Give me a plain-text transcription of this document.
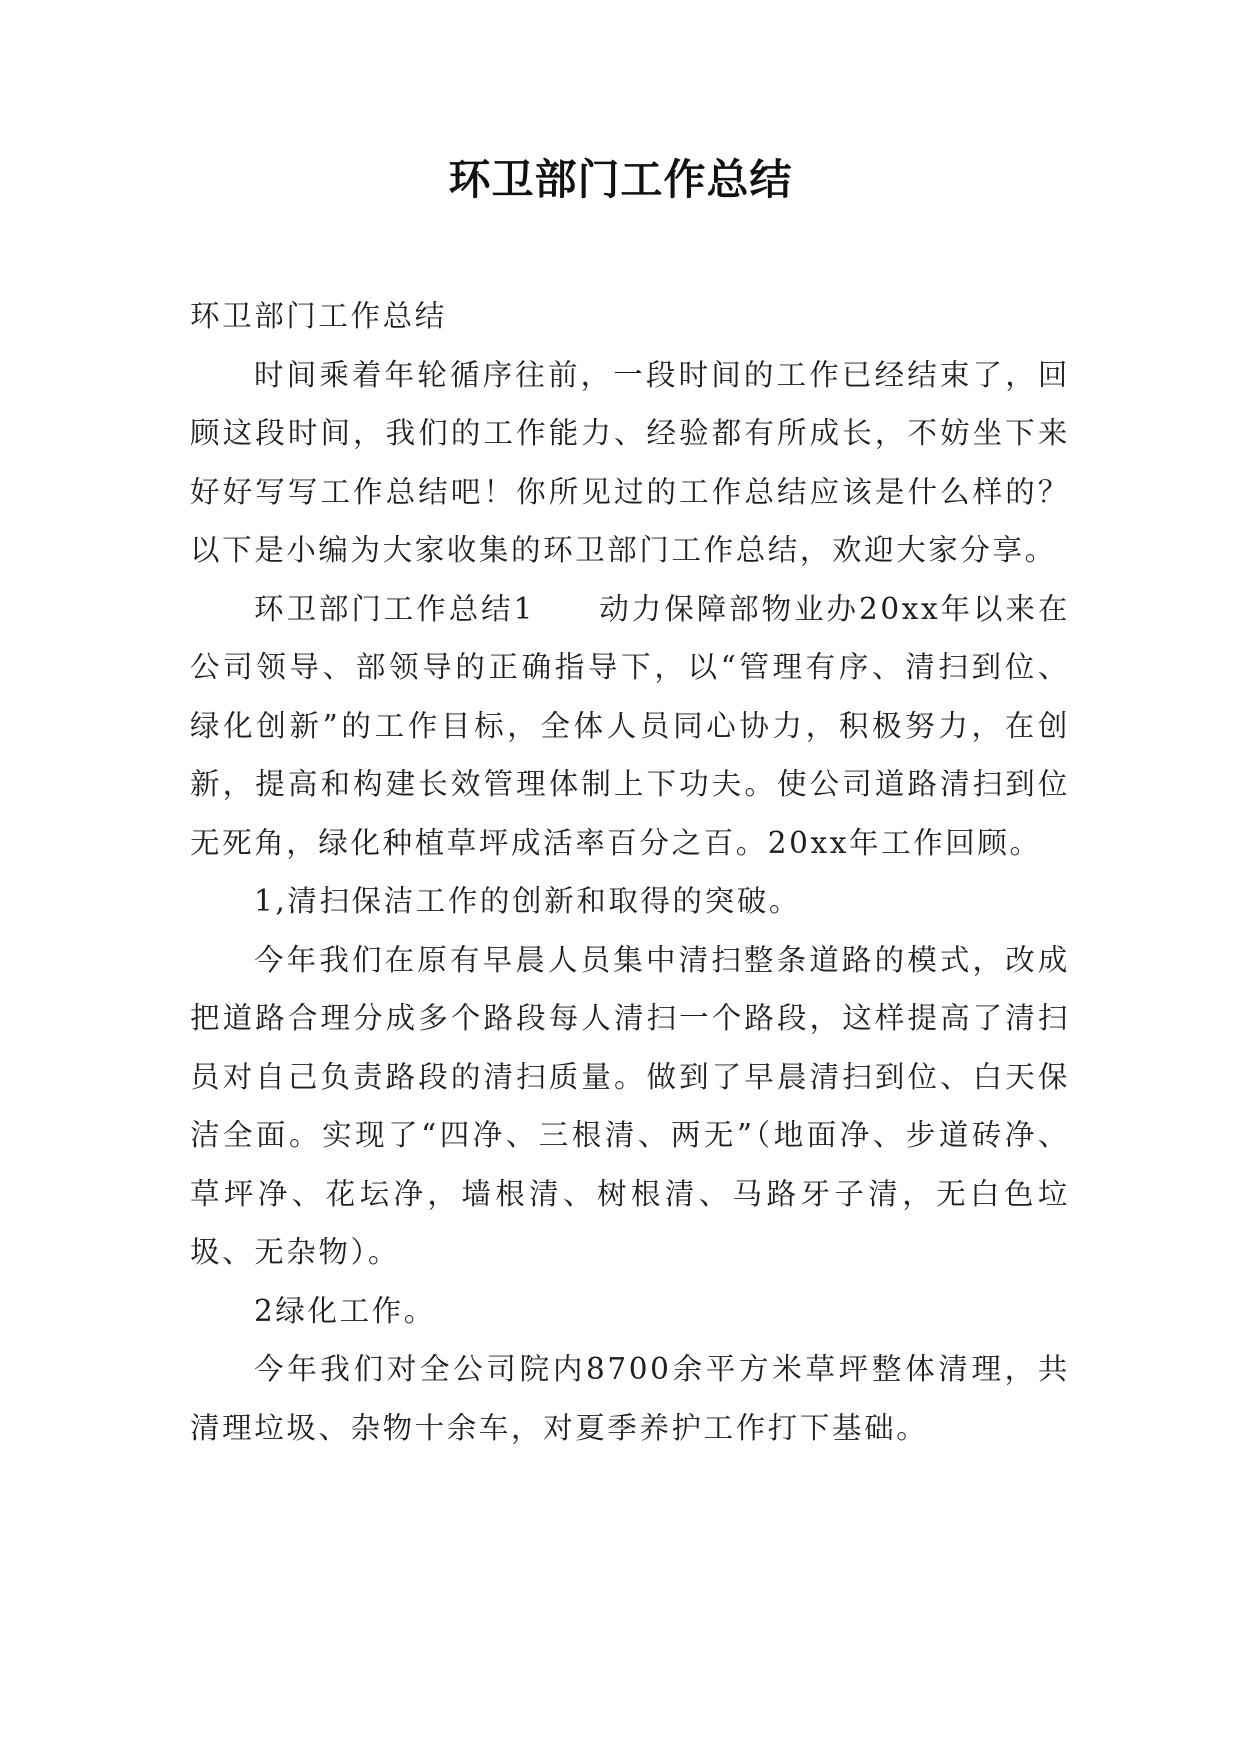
环卫部门工作总结

环卫部门工作总结

时间乘着年轮循序往前，一段时间的工作已经结束了，回顾这段时间，我们的工作能力、经验都有所成长，不妨坐下来好好写写工作总结吧！你所见过的工作总结应该是什么样的？以下是小编为大家收集的环卫部门工作总结，欢迎大家分享。

环卫部门工作总结1 动力保障部物业办20xx年以来在公司领导、部领导的正确指导下，以“管理有序、清扫到位、绿化创新”的工作目标，全体人员同心协力，积极努力，在创新，提高和构建长效管理体制上下功夫。使公司道路清扫到位无死角，绿化种植草坪成活率百分之百。20xx年工作回顾。

1,清扫保洁工作的创新和取得的突破。

今年我们在原有早晨人员集中清扫整条道路的模式，改成把道路合理分成多个路段每人清扫一个路段，这样提高了清扫员对自己负责路段的清扫质量。做到了早晨清扫到位、白天保洁全面。实现了“四净、三根清、两无”（地面净、步道砖净、草坪净、花坛净，墙根清、树根清、马路牙子清，无白色垃圾、无杂物）。

2绿化工作。

今年我们对全公司院内8700余平方米草坪整体清理，共清理垃圾、杂物十余车，对夏季养护工作打下基础。
